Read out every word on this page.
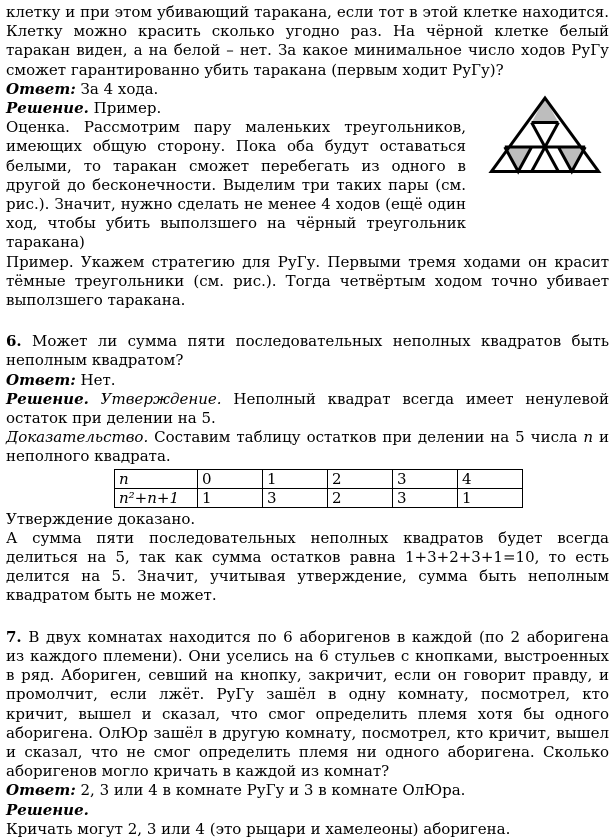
клетку и при этом убивающий таракана, если тот в этой клетке находится. Клетку можно красить сколько угодно раз. На чёрной клетке белый таракан виден, а на белой – нет. За какое минимальное число ходов РуГу сможет гарантированно убить таракана (первым ходит РуГу)?

Ответ: За 4 хода.

Решение. Пример.

Оценка. Рассмотрим пару маленьких треугольников, имеющих общую сторону. Пока оба будут оставаться белыми, то таракан сможет перебегать из одного в другой до бесконечности. Выделим три таких пары (см. рис.). Значит, нужно сделать не менее 4 ходов (ещё один ход, чтобы убить выползшего на чёрный треугольник таракана)

Пример. Укажем стратегию для РуГу. Первыми тремя ходами он красит тёмные треугольники (см. рис.). Тогда четвёртым ходом точно убивает выползшего таракана.

6. Может ли сумма пяти последовательных неполных квадратов быть неполным квадратом?

Ответ: Нет.

Решение. Утверждение. Неполный квадрат всегда имеет ненулевой остаток при делении на 5.

Доказательство. Составим таблицу остатков при делении на 5 числа n и неполного квадрата.

n	0	1	2	3	4
n²+n+1	1	3	2	3	1

Утверждение доказано.

А сумма пяти последовательных неполных квадратов будет всегда делиться на 5, так как сумма остатков равна 1+3+2+3+1=10, то есть делится на 5. Значит, учитывая утверждение, сумма быть неполным квадратом быть не может.

7. В двух комнатах находится по 6 аборигенов в каждой (по 2 аборигена из каждого племени). Они уселись на 6 стульев с кнопками, выстроенных в ряд. Абориген, севший на кнопку, закричит, если он говорит правду, и промолчит, если лжёт. РуГу зашёл в одну комнату, посмотрел, кто кричит, вышел и сказал, что смог определить племя хотя бы одного аборигена. ОлЮр зашёл в другую комнату, посмотрел, кто кричит, вышел и сказал, что не смог определить племя ни одного аборигена. Сколько аборигенов могло кричать в каждой из комнат?

Ответ: 2, 3 или 4 в комнате РуГу и 3 в комнате ОлЮра.

Решение.

Кричать могут 2, 3 или 4 (это рыцари и хамелеоны) аборигена.
